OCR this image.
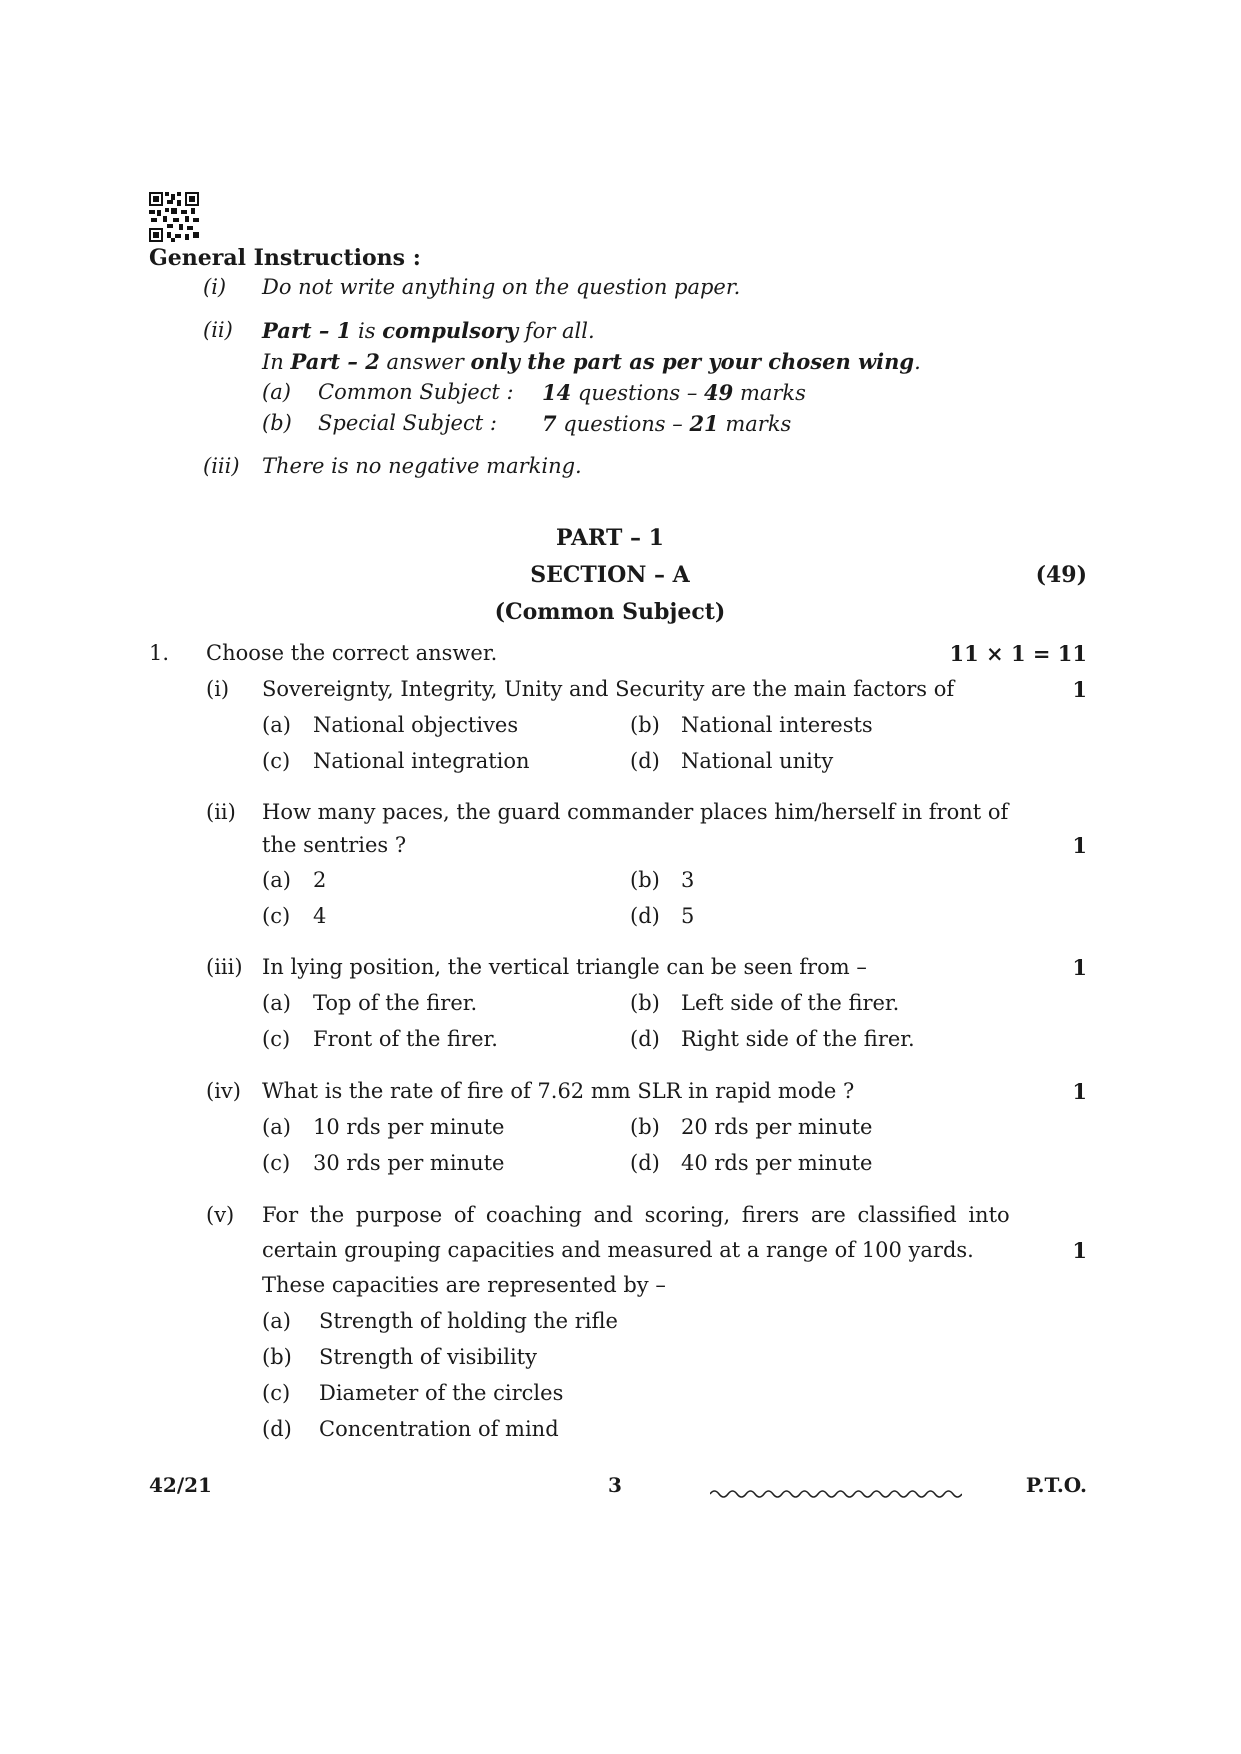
General Instructions :
(i) Do not write anything on the question paper.
(ii) Part – 1 is compulsory for all.
In Part – 2 answer only the part as per your chosen wing.
(a) Common Subject : 14 questions – 49 marks
(b) Special Subject : 7 questions – 21 marks
(iii) There is no negative marking.
PART – 1
SECTION – A	(49)
(Common Subject)
1. Choose the correct answer.	11 × 1 = 11
(i) Sovereignty, Integrity, Unity and Security are the main factors of	1
(a) National objectives	(b) National interests
(c) National integration	(d) National unity
(ii) How many paces, the guard commander places him/herself in front of
the sentries ?	1
(a) 2	(b) 3
(c) 4	(d) 5
(iii) In lying position, the vertical triangle can be seen from –	1
(a) Top of the firer.	(b) Left side of the firer.
(c) Front of the firer.	(d) Right side of the firer.
(iv) What is the rate of fire of 7.62 mm SLR in rapid mode ?	1
(a) 10 rds per minute	(b) 20 rds per minute
(c) 30 rds per minute	(d) 40 rds per minute
(v) For the purpose of coaching and scoring, firers are classified into
certain grouping capacities and measured at a range of 100 yards.	1
These capacities are represented by –
(a) Strength of holding the rifle
(b) Strength of visibility
(c) Diameter of the circles
(d) Concentration of mind
42/21	3	P.T.O.
